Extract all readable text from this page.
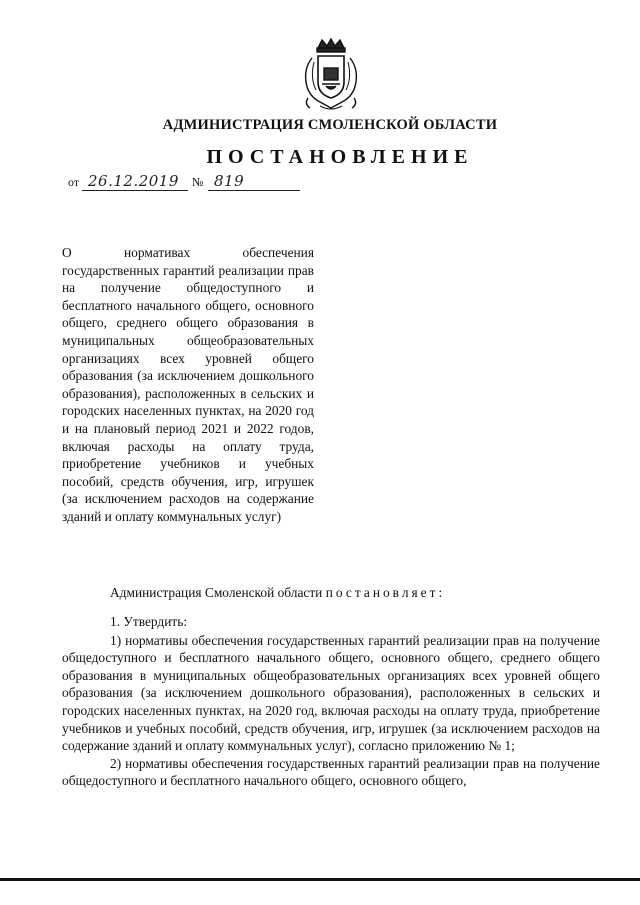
АДМИНИСТРАЦИЯ СМОЛЕНСКОЙ ОБЛАСТИ
ПОСТАНОВЛЕНИЕ
от 26.12.2019 № 819
О нормативах обеспечения государственных гарантий реализации прав на получение общедоступного и бесплатного начального общего, основного общего, среднего общего образования в муниципальных общеобразовательных организациях всех уровней общего образования (за исключением дошкольного образования), расположенных в сельских и городских населенных пунктах, на 2020 год и на плановый период 2021 и 2022 годов, включая расходы на оплату труда, приобретение учебников и учебных пособий, средств обучения, игр, игрушек (за исключением расходов на содержание зданий и оплату коммунальных услуг)

Администрация Смоленской области постановляет:

1. Утвердить:

1) нормативы обеспечения государственных гарантий реализации прав на получение общедоступного и бесплатного начального общего, основного общего, среднего общего образования в муниципальных общеобразовательных организациях всех уровней общего образования (за исключением дошкольного образования), расположенных в сельских и городских населенных пунктах, на 2020 год, включая расходы на оплату труда, приобретение учебников и учебных пособий, средств обучения, игр, игрушек (за исключением расходов на содержание зданий и оплату коммунальных услуг), согласно приложению № 1;

2) нормативы обеспечения государственных гарантий реализации прав на получение общедоступного и бесплатного начального общего, основного общего,
